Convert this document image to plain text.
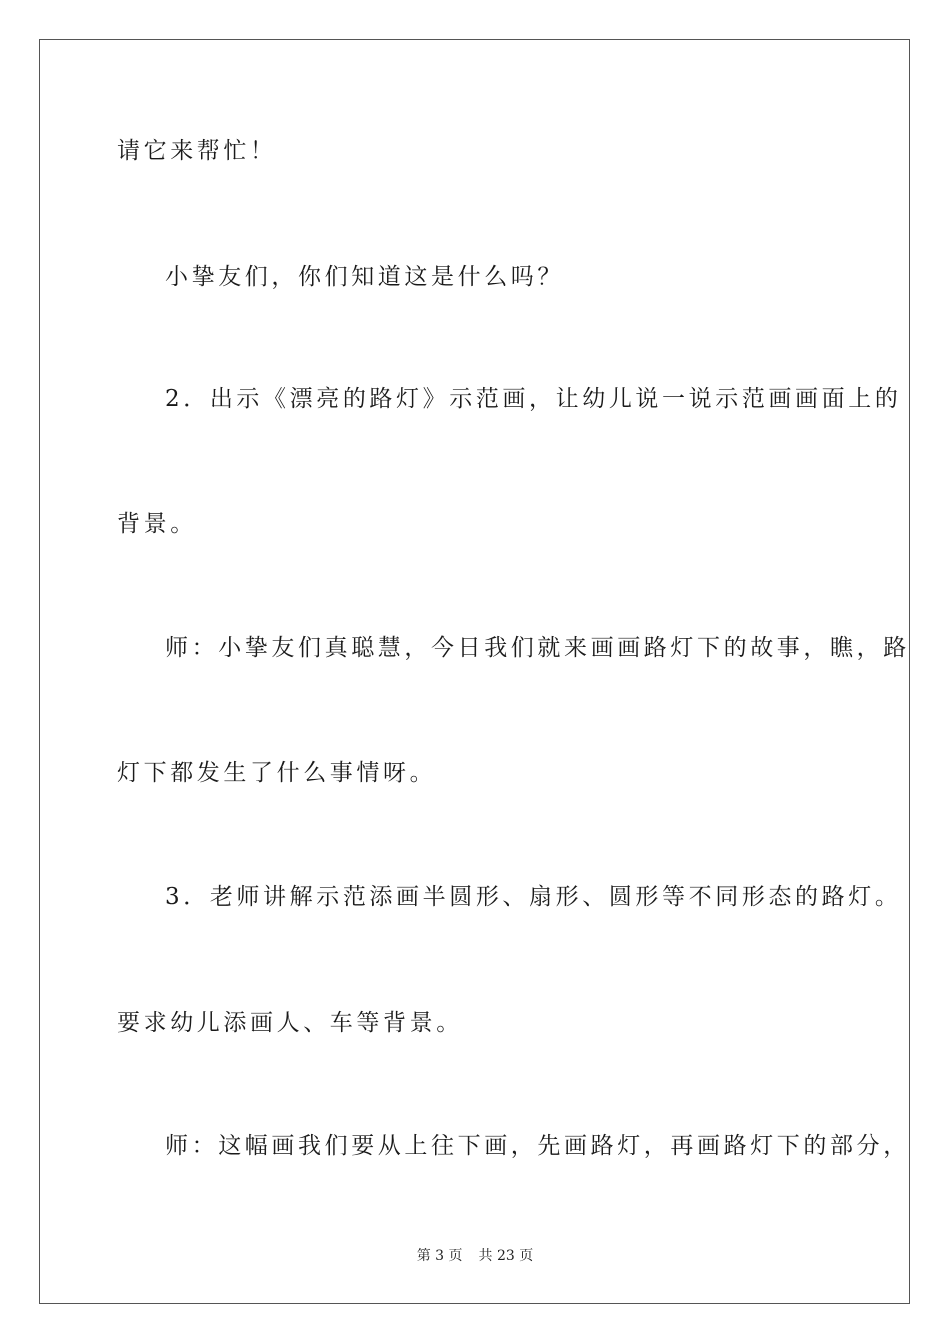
请它来帮忙！
小挚友们，你们知道这是什么吗？
2．出示《漂亮的路灯》示范画，让幼儿说一说示范画画面上的
背景。
师：小挚友们真聪慧，今日我们就来画画路灯下的故事，瞧，路
灯下都发生了什么事情呀。
3．老师讲解示范添画半圆形、扇形、圆形等不同形态的路灯。
要求幼儿添画人、车等背景。
师：这幅画我们要从上往下画，先画路灯，再画路灯下的部分，
第 3 页 共 23 页
